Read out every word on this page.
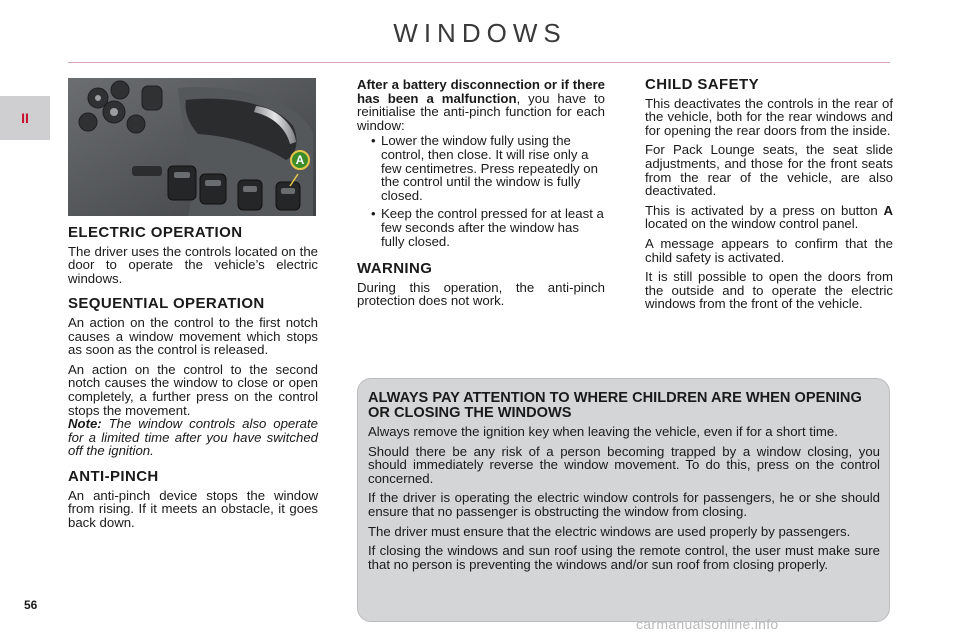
WINDOWS
II
A
ELECTRIC OPERATION

The driver uses the controls located on the door to operate the vehicle’s electric windows.

SEQUENTIAL OPERATION

An action on the control to the first notch causes a window movement which stops as soon as the control is released.

An action on the control to the second notch causes the window to close or open completely, a further press on the control stops the movement.

Note: The window controls also operate for a limited time after you have switched off the ignition.

ANTI-PINCH

An anti-pinch device stops the window from rising. If it meets an obstacle, it goes back down.

After a battery disconnection or if there has been a malfunction, you have to reinitialise the anti-pinch function for each window:

• Lower the window fully using the control, then close. It will rise only a few centimetres. Press repeatedly on the control until the window is fully closed.
• Keep the control pressed for at least a few seconds after the window has fully closed.
WARNING

During this operation, the anti-pinch protection does not work.

CHILD SAFETY

This deactivates the controls in the rear of the vehicle, both for the rear windows and for opening the rear doors from the inside.

For Pack Lounge seats, the seat slide adjustments, and those for the front seats from the rear of the vehicle, are also deactivated.

This is activated by a press on button A located on the window control panel.

A message appears to confirm that the child safety is activated.

It is still possible to open the doors from the outside and to operate the electric windows from the front of the vehicle.

ALWAYS PAY ATTENTION TO WHERE CHILDREN ARE WHEN OPENING OR CLOSING THE WINDOWS

Always remove the ignition key when leaving the vehicle, even if for a short time.

Should there be any risk of a person becoming trapped by a window closing, you should immediately reverse the window movement. To do this, press on the control concerned.

If the driver is operating the electric window controls for passengers, he or she should ensure that no passenger is obstructing the window from closing.

The driver must ensure that the electric windows are used properly by passengers.

If closing the windows and sun roof using the remote control, the user must make sure that no person is preventing the windows and/or sun roof from closing properly.

56
carmanualsonline.info
